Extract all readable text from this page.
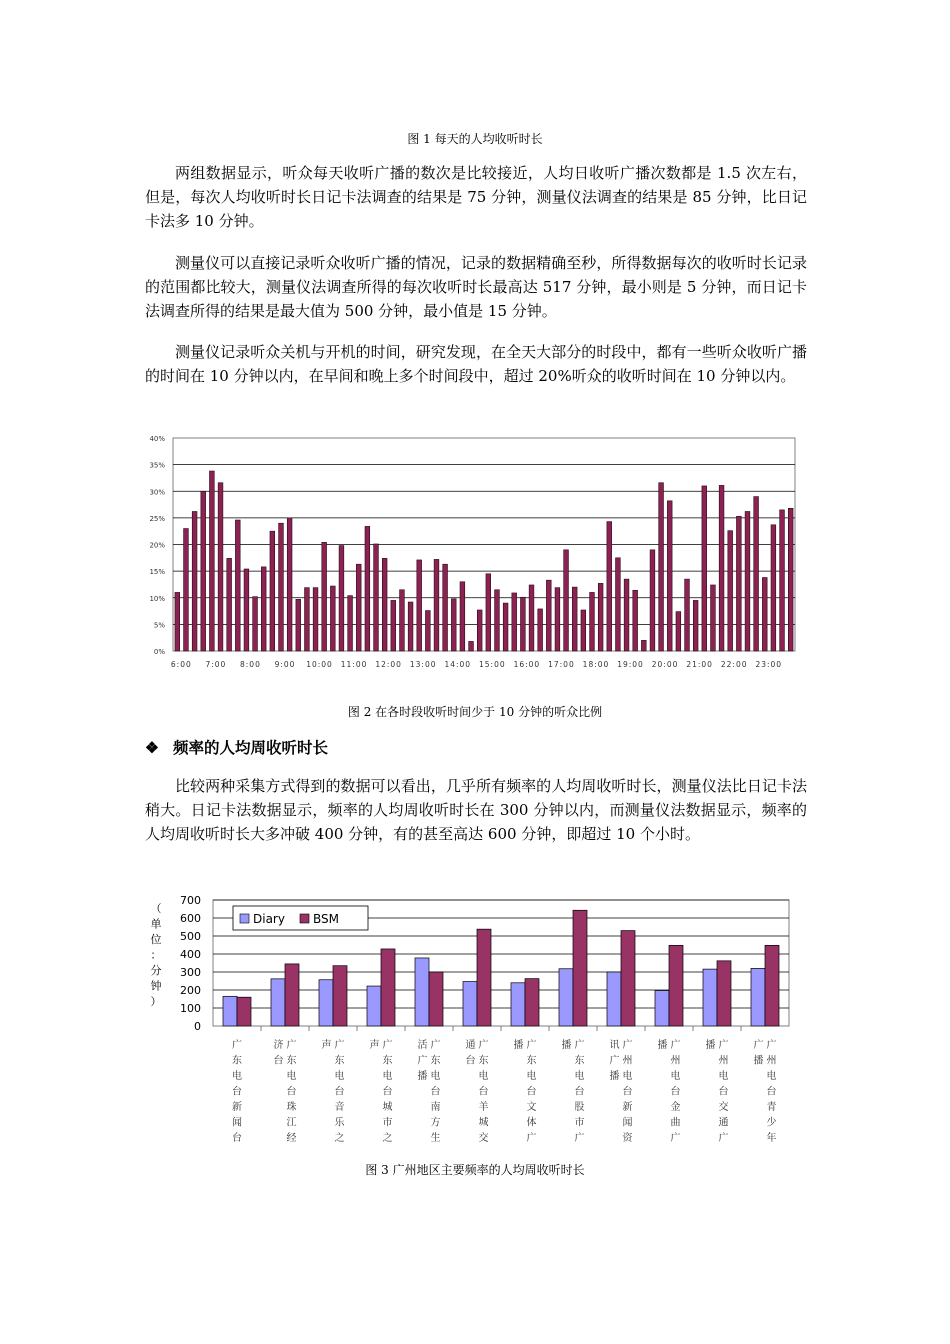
图 1 每天的人均收听时长

两组数据显示，听众每天收听广播的数次是比较接近，人均日收听广播次数都是 1.5 次左右，但是，每次人均收听时长日记卡法调查的结果是 75 分钟，测量仪法调查的结果是 85 分钟，比日记卡法多 10 分钟。

测量仪可以直接记录听众收听广播的情况，记录的数据精确至秒，所得数据每次的收听时长记录的范围都比较大，测量仪法调查所得的每次收听时长最高达 517 分钟，最小则是 5 分钟，而日记卡法调查所得的结果是最大值为 500 分钟，最小值是 15 分钟。

测量仪记录听众关机与开机的时间，研究发现，在全天大部分的时段中，都有一些听众收听广播的时间在 10 分钟以内，在早间和晚上多个时间段中，超过 20%听众的收听时间在 10 分钟以内。

0%
5%
10%
15%
20%
25%
30%
35%
40%
6:00 7:00 8:00 9:00 10:00 11:00 12:00 13:00 14:00 15:00 16:00 17:00 18:00 19:00 20:00 21:00 22:00 23:00
图 2 在各时段收听时间少于 10 分钟的听众比例
❖ 频率的人均周收听时长

比较两种采集方式得到的数据可以看出，几乎所有频率的人均周收听时长，测量仪法比日记卡法稍大。日记卡法数据显示，频率的人均周收听时长在 300 分钟以内，而测量仪法数据显示，频率的人均周收听时长大多冲破 400 分钟，有的甚至高达 600 分钟，即超过 10 个小时。

0
100
200
300
400
500
600
700
广
东
电
台
新
闻
台
广
东
电
台
珠
江
经
济
台
广
东
电
台
音
乐
之
声	广
东
电
台
城
市
之
声	广
东
电
台
南
方
生
活
广
播
广
东
电
台
羊
城
交
通
台
广
东
电
台
文
体
广
播	广
东
电
台
股
市
广
播	广
州
电
台
新
闻
资
讯
广
播
广
州
电
台
金
曲
广
播	广
州
电
台
交
通
广
播	广
州
电
台
青
少
年
广
播
（
单
位
：
分
钟
）
Diary BSM
图 3 广州地区主要频率的人均周收听时长
